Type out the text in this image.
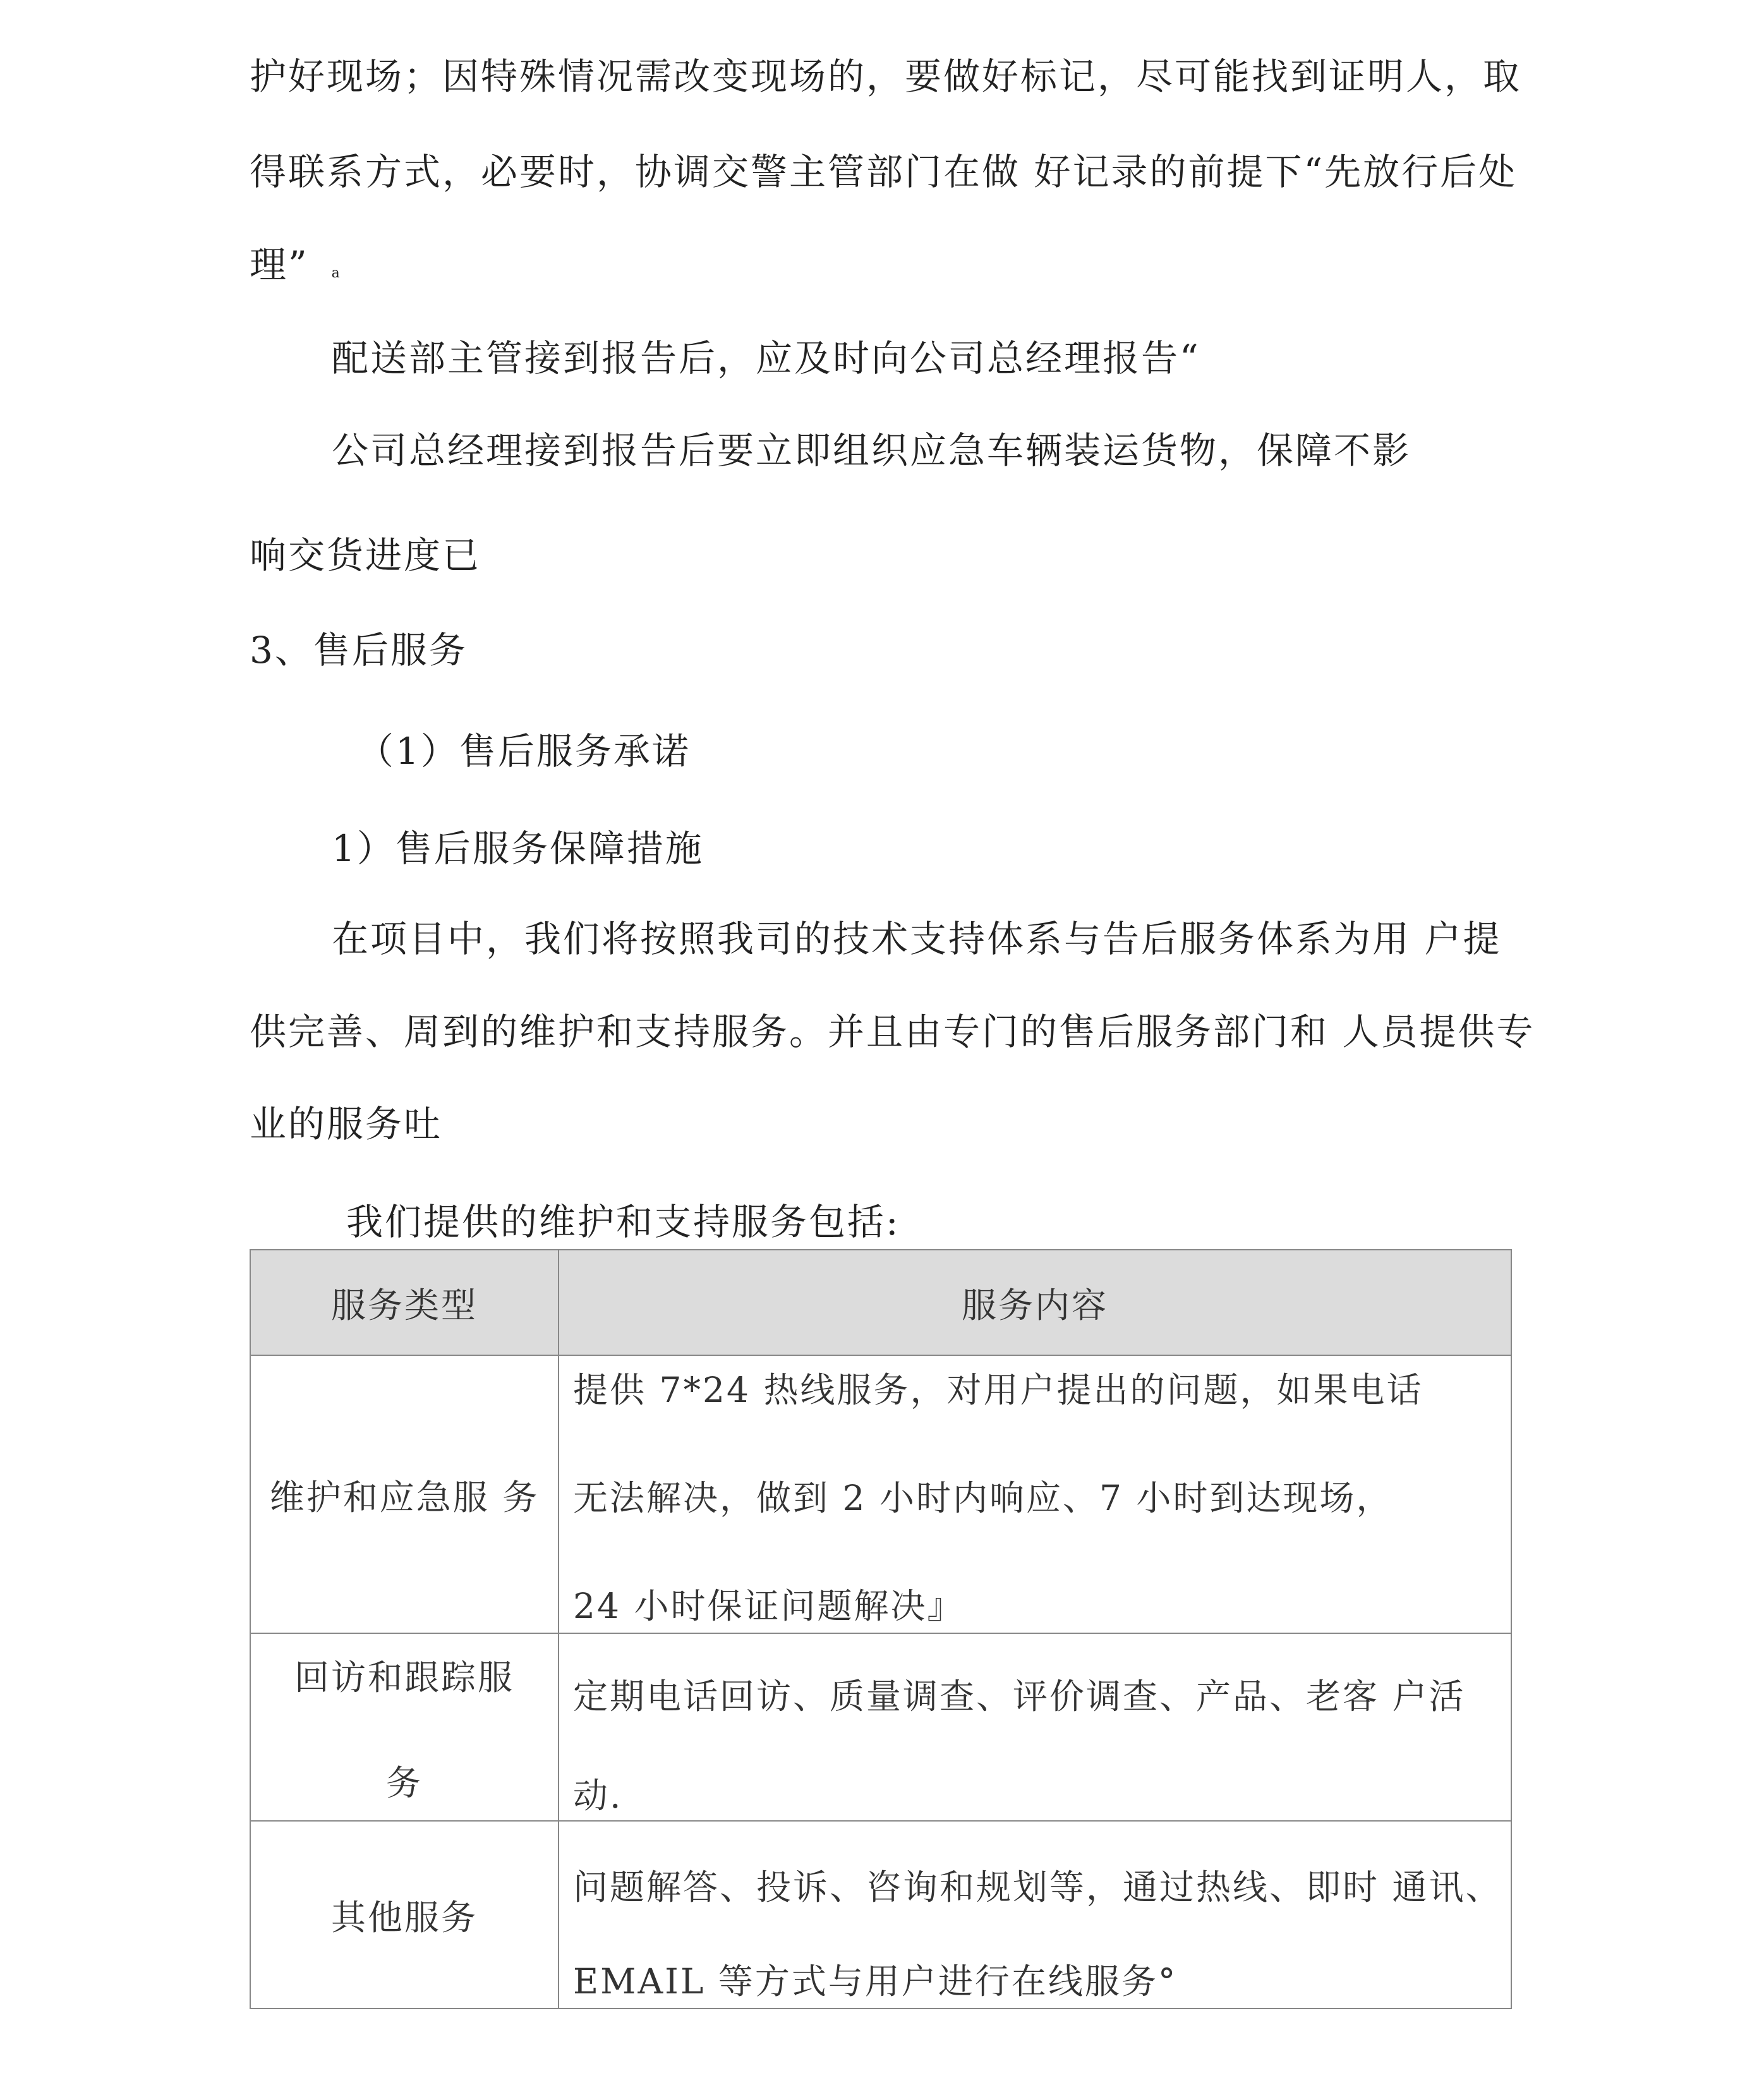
护好现场；因特殊情况需改变现场的，要做好标记，尽可能找到证明人，取
得联系方式，必要时，协调交警主管部门在做 好记录的前提下“先放行后处
理” a
配送部主管接到报告后，应及时向公司总经理报告“
公司总经理接到报告后要立即组织应急车辆装运货物，保障不影
响交货进度已
3、售后服务
（1）售后服务承诺
1）售后服务保障措施
在项目中，我们将按照我司的技术支持体系与告后服务体系为用 户提
供完善、周到的维护和支持服务。并且由专门的售后服务部门和 人员提供专
业的服务吐
我们提供的维护和支持服务包括:
服务类型	服务内容

维护和应急服 务	提供 7*24 热线服务，对用户提出的问题，如果电话
无法解决，做到 2 小时内响应、7 小时到达现场，
24 小时保证问题解决』

回访和跟踪服
务	定期电话回访、质量调查、评价调查、产品、老客 户活
动.

其他服务	问题解答、投诉、咨询和规划等，通过热线、即时 通讯、
EMAIL 等方式与用户进行在线服务°
